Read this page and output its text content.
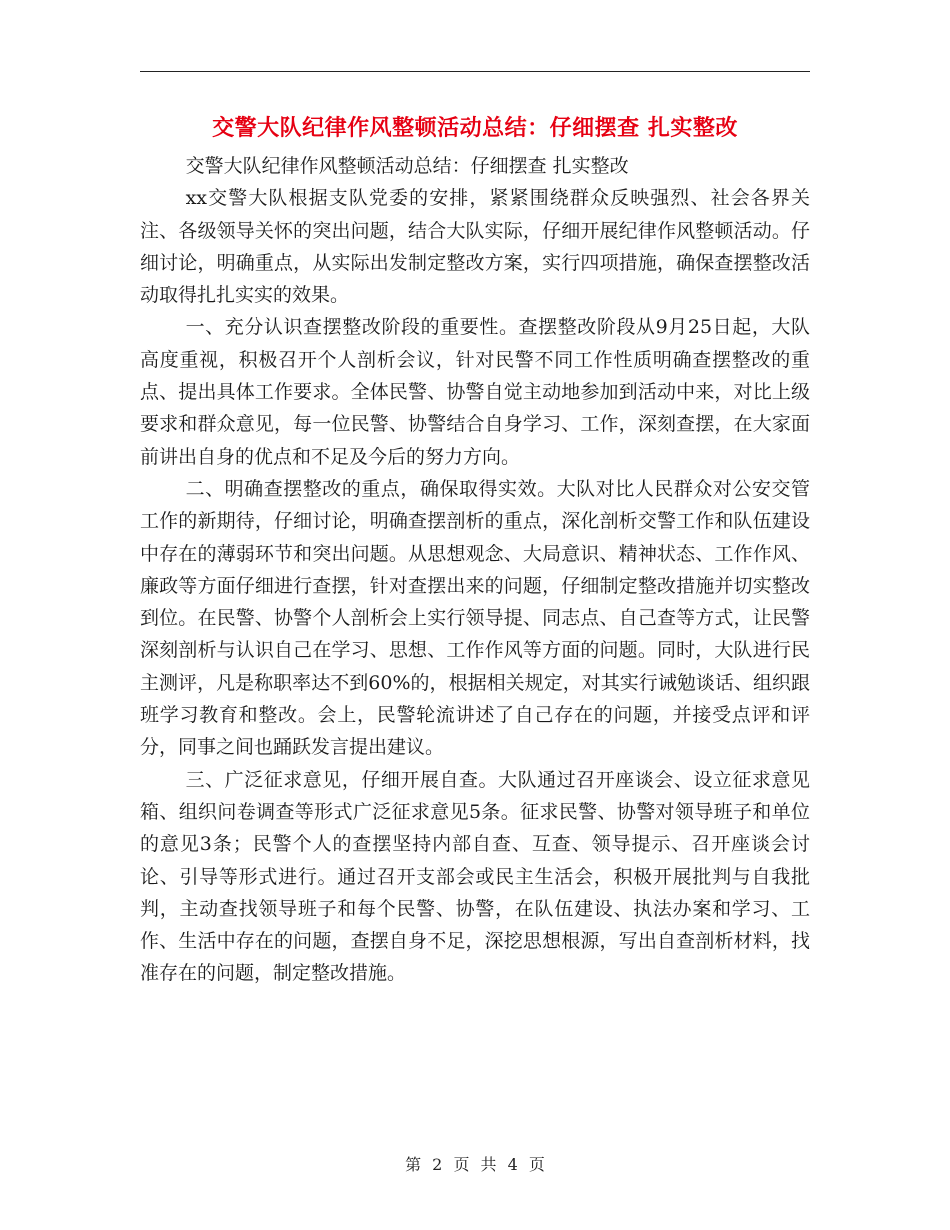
交警大队纪律作风整顿活动总结：仔细摆查 扎实整改

交警大队纪律作风整顿活动总结：仔细摆查 扎实整改

xx交警大队根据支队党委的安排，紧紧围绕群众反映强烈、社会各界关注、各级领导关怀的突出问题，结合大队实际，仔细开展纪律作风整顿活动。仔细讨论，明确重点，从实际出发制定整改方案，实行四项措施，确保查摆整改活动取得扎扎实实的效果。

一、充分认识查摆整改阶段的重要性。查摆整改阶段从9月25日起，大队高度重视，积极召开个人剖析会议，针对民警不同工作性质明确查摆整改的重点、提出具体工作要求。全体民警、协警自觉主动地参加到活动中来，对比上级要求和群众意见，每一位民警、协警结合自身学习、工作，深刻查摆，在大家面前讲出自身的优点和不足及今后的努力方向。

二、明确查摆整改的重点，确保取得实效。大队对比人民群众对公安交管工作的新期待，仔细讨论，明确查摆剖析的重点，深化剖析交警工作和队伍建设中存在的薄弱环节和突出问题。从思想观念、大局意识、精神状态、工作作风、廉政等方面仔细进行查摆，针对查摆出来的问题，仔细制定整改措施并切实整改到位。在民警、协警个人剖析会上实行领导提、同志点、自己查等方式，让民警深刻剖析与认识自己在学习、思想、工作作风等方面的问题。同时，大队进行民主测评，凡是称职率达不到60%的，根据相关规定，对其实行诫勉谈话、组织跟班学习教育和整改。会上，民警轮流讲述了自己存在的问题，并接受点评和评分，同事之间也踊跃发言提出建议。

三、广泛征求意见，仔细开展自查。大队通过召开座谈会、设立征求意见箱、组织问卷调查等形式广泛征求意见5条。征求民警、协警对领导班子和单位的意见3条；民警个人的查摆坚持内部自查、互查、领导提示、召开座谈会讨论、引导等形式进行。通过召开支部会或民主生活会，积极开展批判与自我批判，主动查找领导班子和每个民警、协警，在队伍建设、执法办案和学习、工作、生活中存在的问题，查摆自身不足，深挖思想根源，写出自查剖析材料，找准存在的问题，制定整改措施。

第 2 页 共 4 页
